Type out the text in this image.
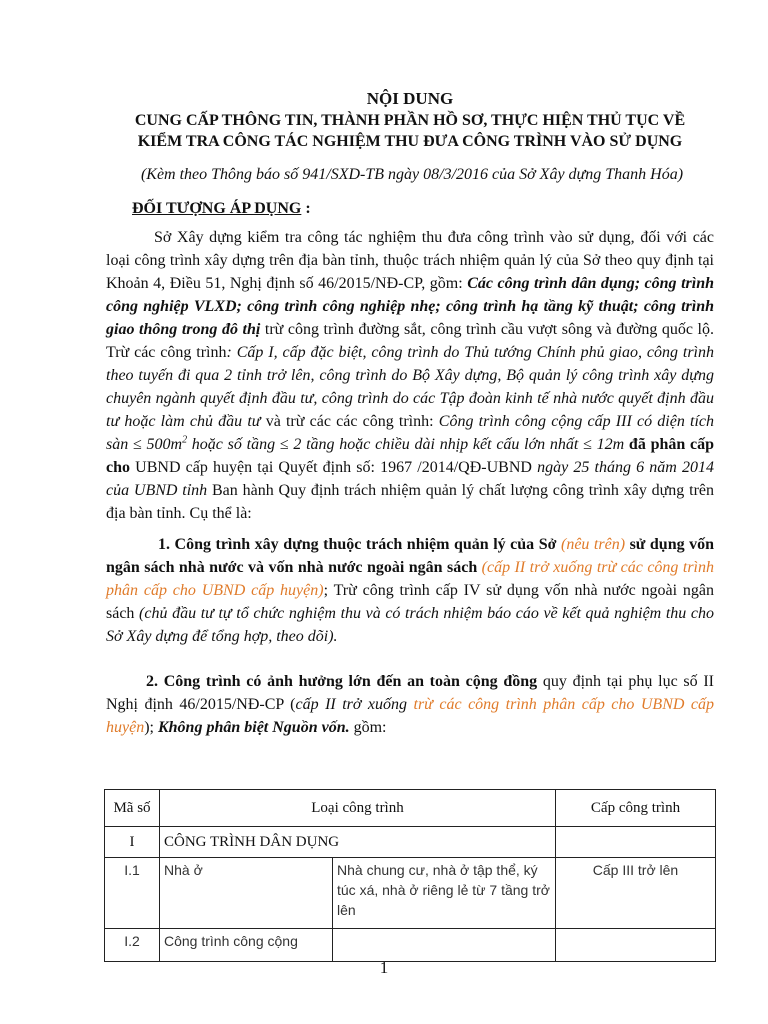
NỘI DUNG
CUNG CẤP THÔNG TIN, THÀNH PHẦN HỒ SƠ, THỰC HIỆN THỦ TỤC VỀ
KIỂM TRA CÔNG TÁC NGHIỆM THU ĐƯA CÔNG TRÌNH VÀO SỬ DỤNG
(Kèm theo Thông báo số 941/SXD-TB ngày 08/3/2016 của Sở Xây dựng Thanh Hóa)
ĐỐI TƯỢNG ÁP DỤNG :

Sở Xây dựng kiểm tra công tác nghiệm thu đưa công trình vào sử dụng, đối với các loại công trình xây dựng trên địa bàn tỉnh, thuộc trách nhiệm quản lý của Sở theo quy định tại Khoản 4, Điều 51, Nghị định số 46/2015/NĐ-CP, gồm: Các công trình dân dụng; công trình công nghiệp VLXD; công trình công nghiệp nhẹ; công trình hạ tầng kỹ thuật; công trình giao thông trong đô thị trừ công trình đường sắt, công trình cầu vượt sông và đường quốc lộ. Trừ các công trình: Cấp I, cấp đặc biệt, công trình do Thủ tướng Chính phủ giao, công trình theo tuyến đi qua 2 tỉnh trở lên, công trình do Bộ Xây dựng, Bộ quản lý công trình xây dựng chuyên ngành quyết định đầu tư, công trình do các Tập đoàn kinh tế nhà nước quyết định đầu tư hoặc làm chủ đầu tư và trừ các các công trình: Công trình công cộng cấp III có diện tích sàn ≤ $500m^2$ hoặc số tầng ≤ 2 tầng hoặc chiều dài nhịp kết cấu lớn nhất ≤ 12m đã phân cấp cho UBND cấp huyện tại Quyết định số: 1967 /2014/QĐ-UBND ngày 25 tháng 6 năm 2014 của UBND tỉnh Ban hành Quy định trách nhiệm quản lý chất lượng công trình xây dựng trên địa bàn tỉnh. Cụ thể là:

1. Công trình xây dựng thuộc trách nhiệm quản lý của Sở (nêu trên) sử dụng vốn ngân sách nhà nước và vốn nhà nước ngoài ngân sách (cấp II trở xuống trừ các công trình phân cấp cho UBND cấp huyện); Trừ công trình cấp IV sử dụng vốn nhà nước ngoài ngân sách (chủ đầu tư tự tổ chức nghiệm thu và có trách nhiệm báo cáo về kết quả nghiệm thu cho Sở Xây dựng để tổng hợp, theo dõi).

2. Công trình có ảnh hưởng lớn đến an toàn cộng đồng quy định tại phụ lục số II Nghị định 46/2015/NĐ-CP (cấp II trở xuống trừ các công trình phân cấp cho UBND cấp huyện); Không phân biệt Nguồn vốn. gồm:

Mã số	Loại công trình		Cấp công trình
I	CÔNG TRÌNH DÂN DỤNG		
I.1	Nhà ở	Nhà chung cư, nhà ở tập thể, ký túc xá, nhà ở riêng lẻ từ 7 tầng trở lên	Cấp III trở lên
I.2	Công trình công cộng		
1
